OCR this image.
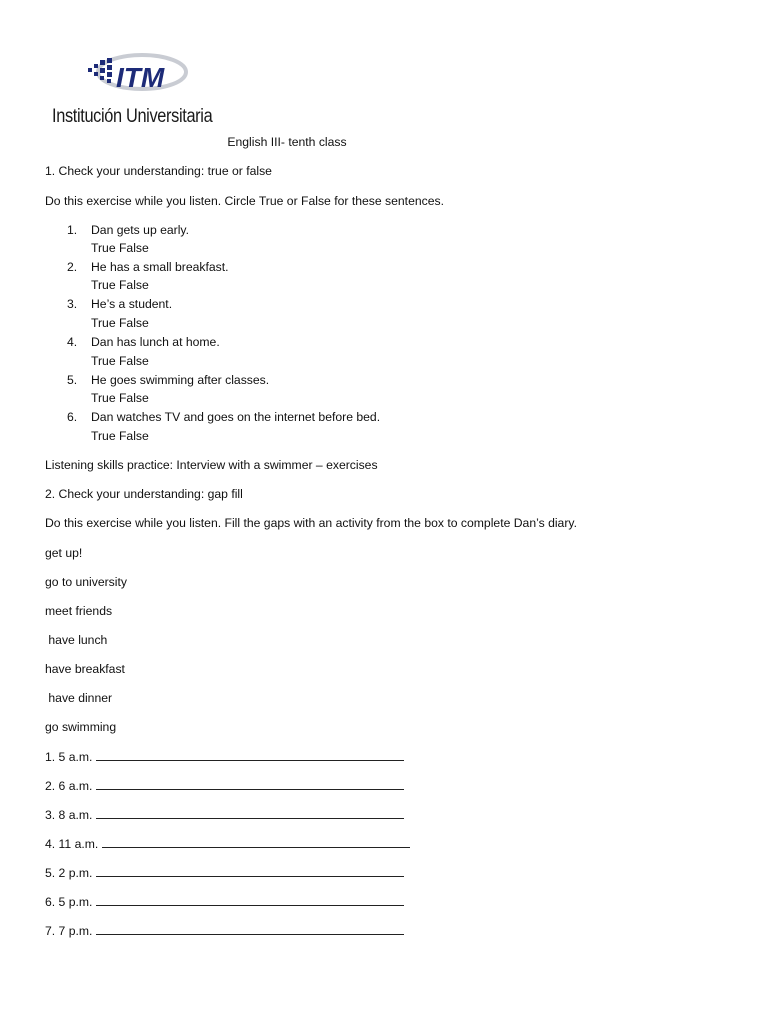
ITM
Institución Universitaria
English III- tenth class
1. Check your understanding: true or false
Do this exercise while you listen. Circle True or False for these sentences.
1. Dan gets up early.
True False
2. He has a small breakfast.
True False
3. He’s a student.
True False
4. Dan has lunch at home.
True False
5. He goes swimming after classes.
True False
6. Dan watches TV and goes on the internet before bed.
True False
Listening skills practice: Interview with a swimmer – exercises
2. Check your understanding: gap fill
Do this exercise while you listen. Fill the gaps with an activity from the box to complete Dan’s diary.
get up!
go to university
meet friends
have lunch
have breakfast
have dinner
go swimming
1. 5 a.m.
2. 6 a.m.
3. 8 a.m.
4. 11 a.m.
5. 2 p.m.
6. 5 p.m.
7. 7 p.m.
